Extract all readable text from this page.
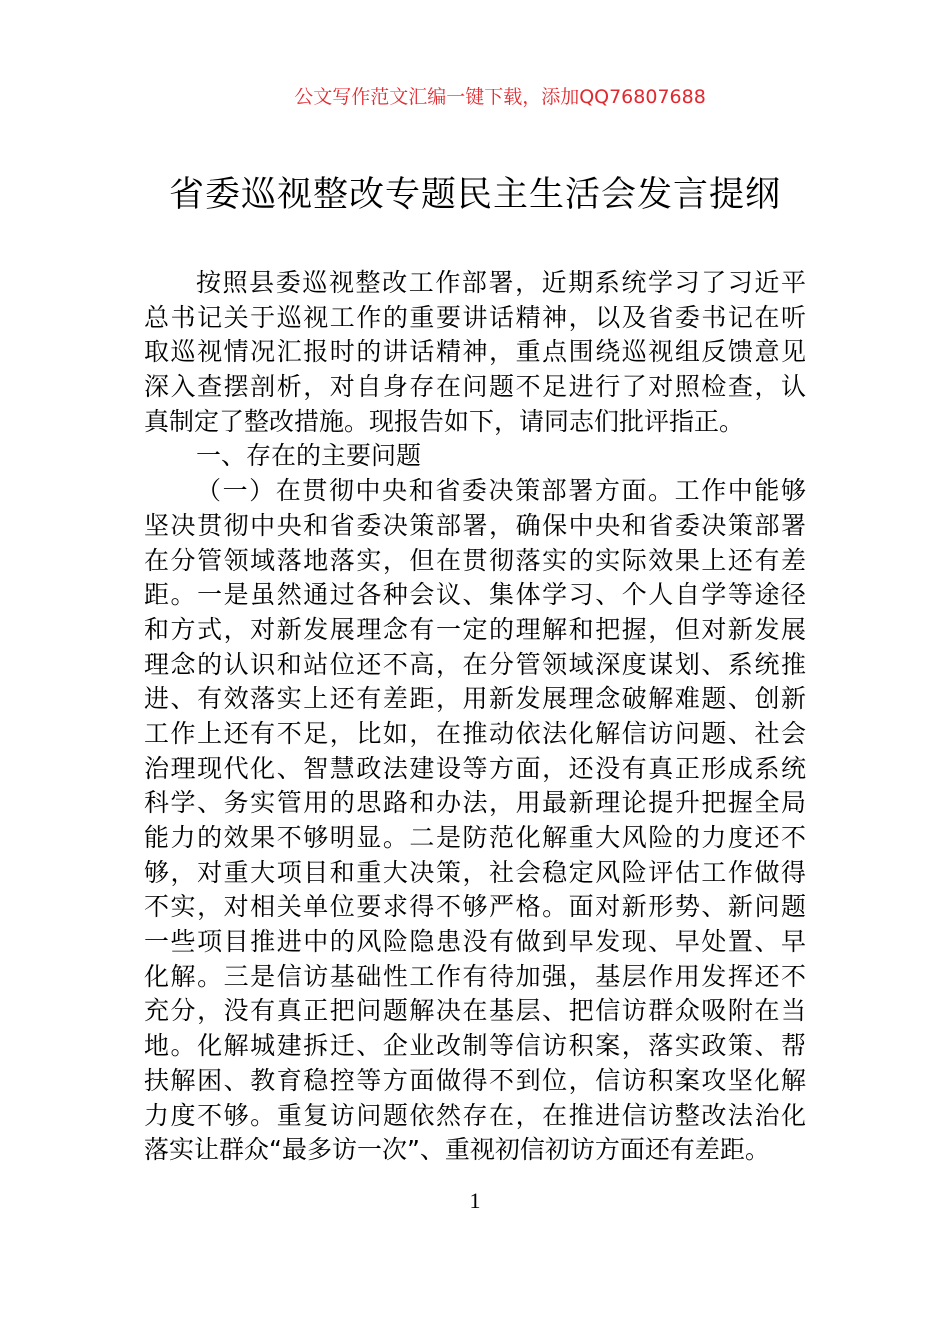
公文写作范文汇编一键下载，添加QQ76807688
省委巡视整改专题民主生活会发言提纲
按照县委巡视整改工作部署，近期系统学习了习近平
总书记关于巡视工作的重要讲话精神，以及省委书记在听
取巡视情况汇报时的讲话精神，重点围绕巡视组反馈意见
深入查摆剖析，对自身存在问题不足进行了对照检查，认
真制定了整改措施。现报告如下，请同志们批评指正。
一、存在的主要问题
（一）在贯彻中央和省委决策部署方面。工作中能够
坚决贯彻中央和省委决策部署，确保中央和省委决策部署
在分管领域落地落实，但在贯彻落实的实际效果上还有差
距。一是虽然通过各种会议、集体学习、个人自学等途径
和方式，对新发展理念有一定的理解和把握，但对新发展
理念的认识和站位还不高，在分管领域深度谋划、系统推
进、有效落实上还有差距，用新发展理念破解难题、创新
工作上还有不足，比如，在推动依法化解信访问题、社会
治理现代化、智慧政法建设等方面，还没有真正形成系统
科学、务实管用的思路和办法，用最新理论提升把握全局
能力的效果不够明显。二是防范化解重大风险的力度还不
够，对重大项目和重大决策，社会稳定风险评估工作做得
不实，对相关单位要求得不够严格。面对新形势、新问题
一些项目推进中的风险隐患没有做到早发现、早处置、早
化解。三是信访基础性工作有待加强，基层作用发挥还不
充分，没有真正把问题解决在基层、把信访群众吸附在当
地。化解城建拆迁、企业改制等信访积案，落实政策、帮
扶解困、教育稳控等方面做得不到位，信访积案攻坚化解
力度不够。重复访问题依然存在，在推进信访整改法治化
落实让群众“最多访一次”、重视初信初访方面还有差距。
1
